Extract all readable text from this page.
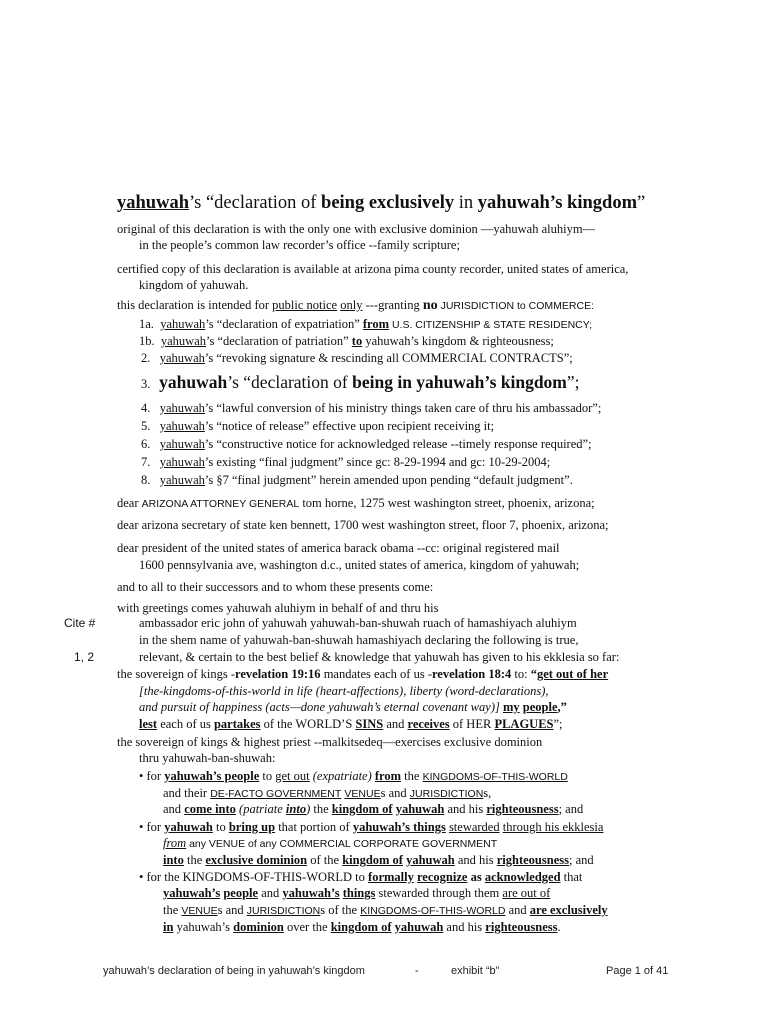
yahuwah’s “declaration of being exclusively in yahuwah’s kingdom”
original of this declaration is with the only one with exclusive dominion —yahuwah aluhiym—
in the people’s common law recorder’s office --family scripture;
certified copy of this declaration is available at arizona pima county recorder, united states of america,
kingdom of yahuwah.
this declaration is intended for public notice only ---granting no JURISDICTION to COMMERCE:
1a. yahuwah’s “declaration of expatriation” from U.S. CITIZENSHIP & STATE RESIDENCY;
1b. yahuwah’s “declaration of patriation” to yahuwah’s kingdom & righteousness;
2. yahuwah’s “revoking signature & rescinding all COMMERCIAL CONTRACTS”;
3. yahuwah’s “declaration of being in yahuwah’s kingdom”;
4. yahuwah’s “lawful conversion of his ministry things taken care of thru his ambassador”;
5. yahuwah’s “notice of release” effective upon recipient receiving it;
6. yahuwah’s “constructive notice for acknowledged release --timely response required”;
7. yahuwah’s existing “final judgment” since gc: 8-29-1994 and gc: 10-29-2004;
8. yahuwah’s §7 “final judgment” herein amended upon pending “default judgment”.
dear ARIZONA ATTORNEY GENERAL tom horne, 1275 west washington street, phoenix, arizona;
dear arizona secretary of state ken bennett, 1700 west washington street, floor 7, phoenix, arizona;
dear president of the united states of america barack obama --cc: original registered mail
1600 pennsylvania ave, washington d.c., united states of america, kingdom of yahuwah;
and to all to their successors and to whom these presents come:
with greetings comes yahuwah aluhiym in behalf of and thru his
Cite #	ambassador eric john of yahuwah yahuwah-ban-shuwah ruach of hamashiyach aluhiym
in the shem name of yahuwah-ban-shuwah hamashiyach declaring the following is true,
1, 2	relevant, & certain to the best belief & knowledge that yahuwah has given to his ekklesia so far:
the sovereign of kings -revelation 19:16 mandates each of us -revelation 18:4 to: “get out of her
[the-kingdoms-of-this-world in life (heart-affections), liberty (word-declarations),
and pursuit of happiness (acts—done yahuwah’s eternal covenant way)] my people,”
lest each of us partakes of the WORLD’S SINS and receives of HER PLAGUES”;
the sovereign of kings & highest priest --malkitsedeq—exercises exclusive dominion
thru yahuwah-ban-shuwah:
• for yahuwah’s people to get out (expatriate) from the KINGDOMS-OF-THIS-WORLD
and their DE-FACTO GOVERNMENT VENUEs and JURISDICTIONs,
and come into (patriate into) the kingdom of yahuwah and his righteousness; and
• for yahuwah to bring up that portion of yahuwah’s things stewarded through his ekklesia
from any VENUE of any COMMERCIAL CORPORATE GOVERNMENT
into the exclusive dominion of the kingdom of yahuwah and his righteousness; and
• for the KINGDOMS-OF-THIS-WORLD to formally recognize as acknowledged that
yahuwah’s people and yahuwah’s things stewarded through them are out of
the VENUEs and JURISDICTIONs of the KINGDOMS-OF-THIS-WORLD and are exclusively
in yahuwah’s dominion over the kingdom of yahuwah and his righteousness.
yahuwah’s declaration of being in yahuwah’s kingdom	-	exhibit “b”	Page 1 of 41
